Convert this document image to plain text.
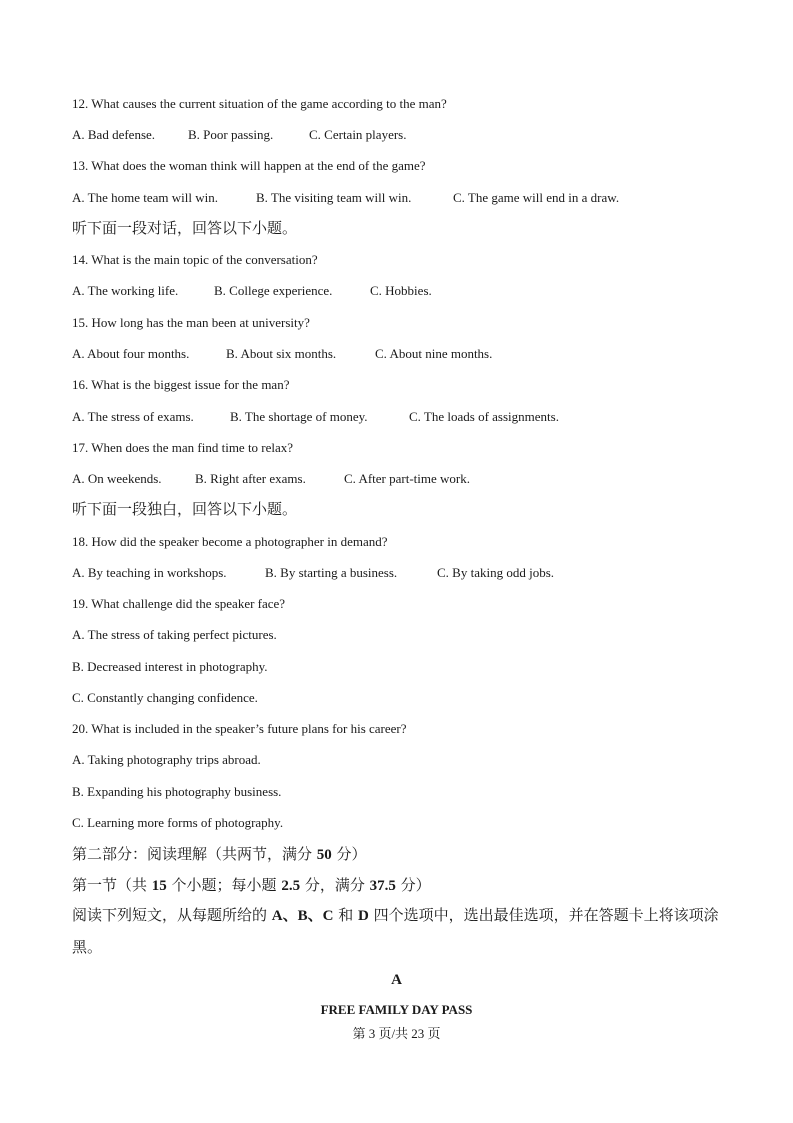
12. What causes the current situation of the game according to the man?
A. Bad defense.	B. Poor passing.	C. Certain players.
13. What does the woman think will happen at the end of the game?
A. The home team will win.	B. The visiting team will win.	C. The game will end in a draw.
听下面一段对话，回答以下小题。
14. What is the main topic of the conversation?
A. The working life.	B. College experience.	C. Hobbies.
15. How long has the man been at university?
A. About four months.	B. About six months.	C. About nine months.
16. What is the biggest issue for the man?
A. The stress of exams.	B. The shortage of money.	C. The loads of assignments.
17. When does the man find time to relax?
A. On weekends.	B. Right after exams.	C. After part-time work.
听下面一段独白，回答以下小题。
18. How did the speaker become a photographer in demand?
A. By teaching in workshops.	B. By starting a business.	C. By taking odd jobs.
19. What challenge did the speaker face?
A. The stress of taking perfect pictures.
B. Decreased interest in photography.
C. Constantly changing confidence.
20. What is included in the speaker’s future plans for his career?
A. Taking photography trips abroad.
B. Expanding his photography business.
C. Learning more forms of photography.
第二部分：阅读理解（共两节，满分 50 分）
第一节（共 15 个小题；每小题 2.5 分，满分 37.5 分）
阅读下列短文，从每题所给的 A、B、C 和 D 四个选项中，选出最佳选项，并在答题卡上将该项涂黑。
A
FREE FAMILY DAY PASS
第 3 页/共 23 页
